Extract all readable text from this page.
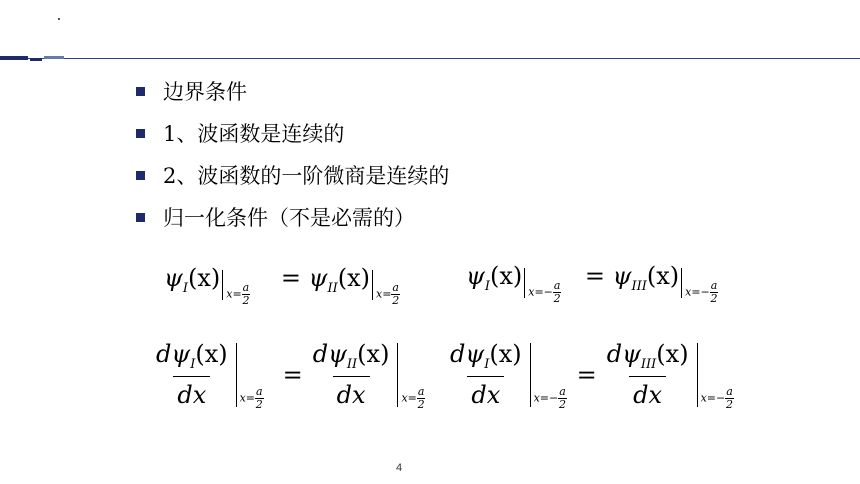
边界条件
1、波函数是连续的
2、波函数的一阶微商是连续的
归一化条件（不是必需的）
$\psi_I(x)$
$x= \frac{a}{2}$
= $\psi_{II}(x)$
$x= \frac{a}{2}$
$\psi_I(x)$
$x=- \frac{a}{2}$
= $\psi_{III}(x)$
$x=- \frac{a}{2}$
$\frac{d\psi_I(x)}{dx} x= \frac{a}{2}$
= $\frac{d\psi_{II}(x)}{dx} x= \frac{a}{2} \frac{d\psi_I(x)}{dx} x=- \frac{a}{2}$
= $\frac{d\psi_{III}(x)}{dx} x=- \frac{a}{2}$
4
